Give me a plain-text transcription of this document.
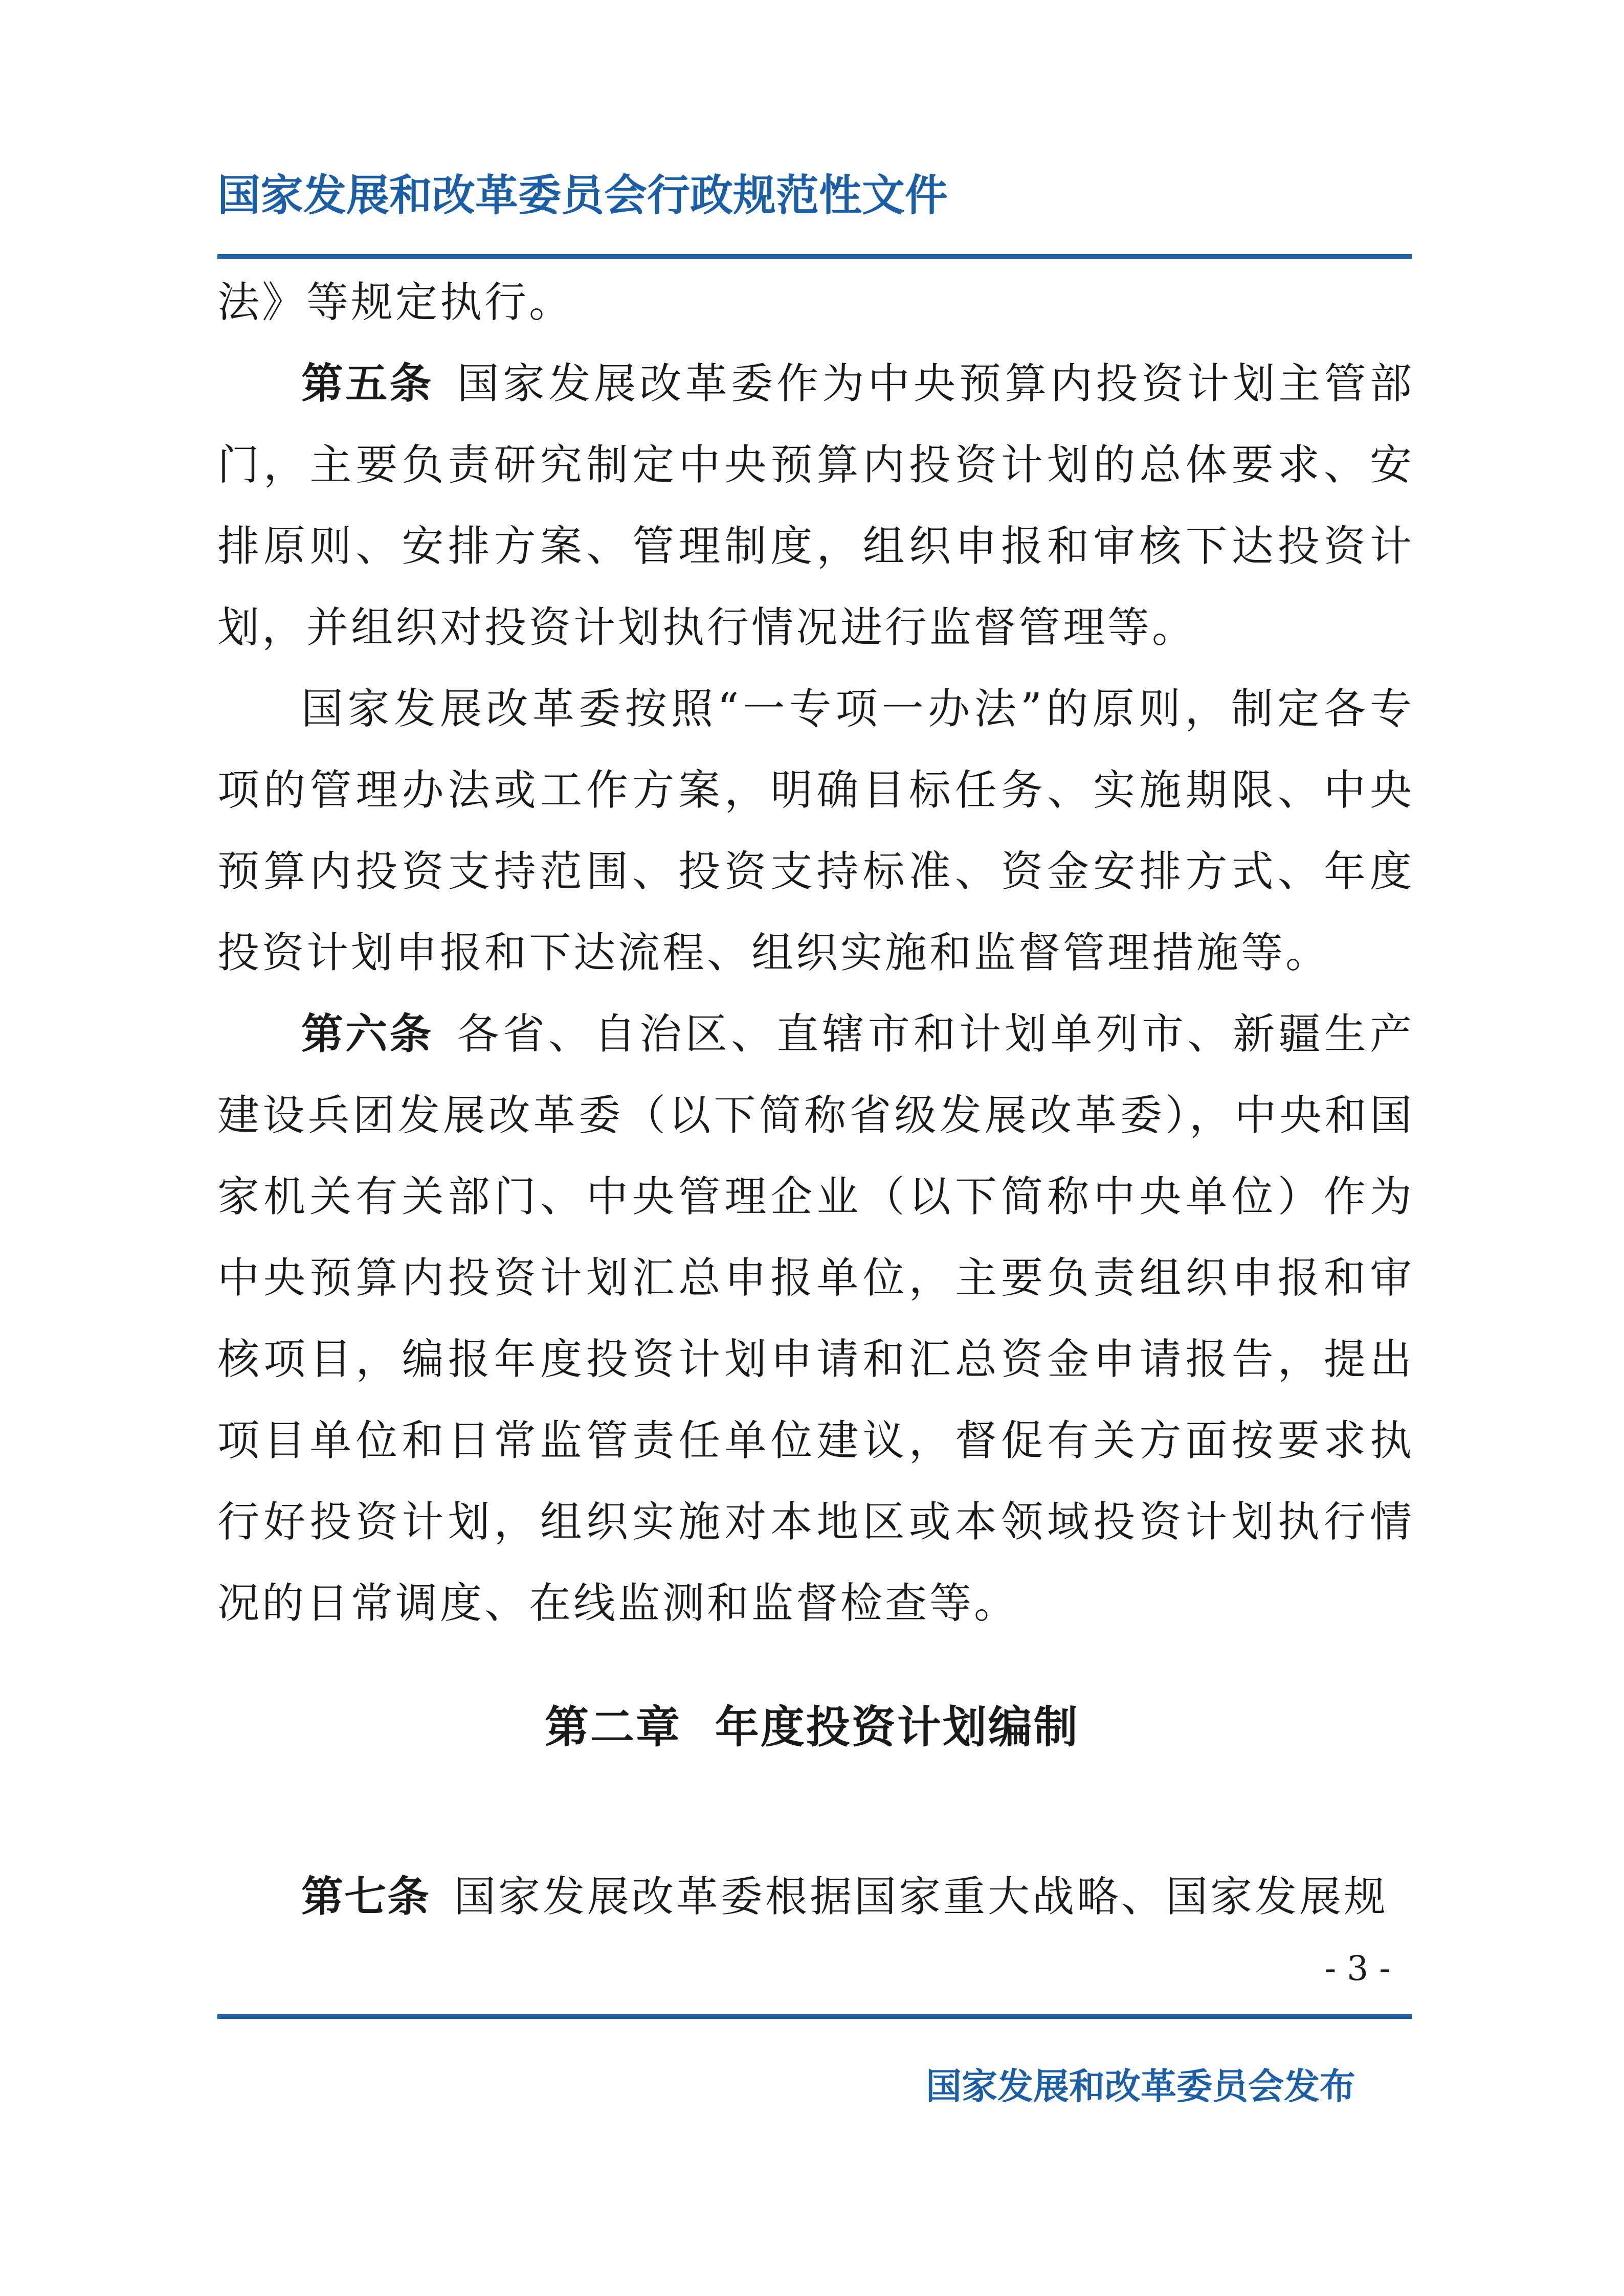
国家发展和改革委员会行政规范性文件

法》等规定执行。

第五条 国家发展改革委作为中央预算内投资计划主管部门，主要负责研究制定中央预算内投资计划的总体要求、安排原则、安排方案、管理制度，组织申报和审核下达投资计划，并组织对投资计划执行情况进行监督管理等。

国家发展改革委按照“一专项一办法”的原则，制定各专项的管理办法或工作方案，明确目标任务、实施期限、中央预算内投资支持范围、投资支持标准、资金安排方式、年度投资计划申报和下达流程、组织实施和监督管理措施等。

第六条 各省、自治区、直辖市和计划单列市、新疆生产建设兵团发展改革委（以下简称省级发展改革委），中央和国家机关有关部门、中央管理企业（以下简称中央单位）作为中央预算内投资计划汇总申报单位，主要负责组织申报和审核项目，编报年度投资计划申请和汇总资金申请报告，提出项目单位和日常监管责任单位建议，督促有关方面按要求执行好投资计划，组织实施对本地区或本领域投资计划执行情况的日常调度、在线监测和监督检查等。

第二章  年度投资计划编制

第七条 国家发展改革委根据国家重大战略、国家发展规

- 3 -
国家发展和改革委员会发布
